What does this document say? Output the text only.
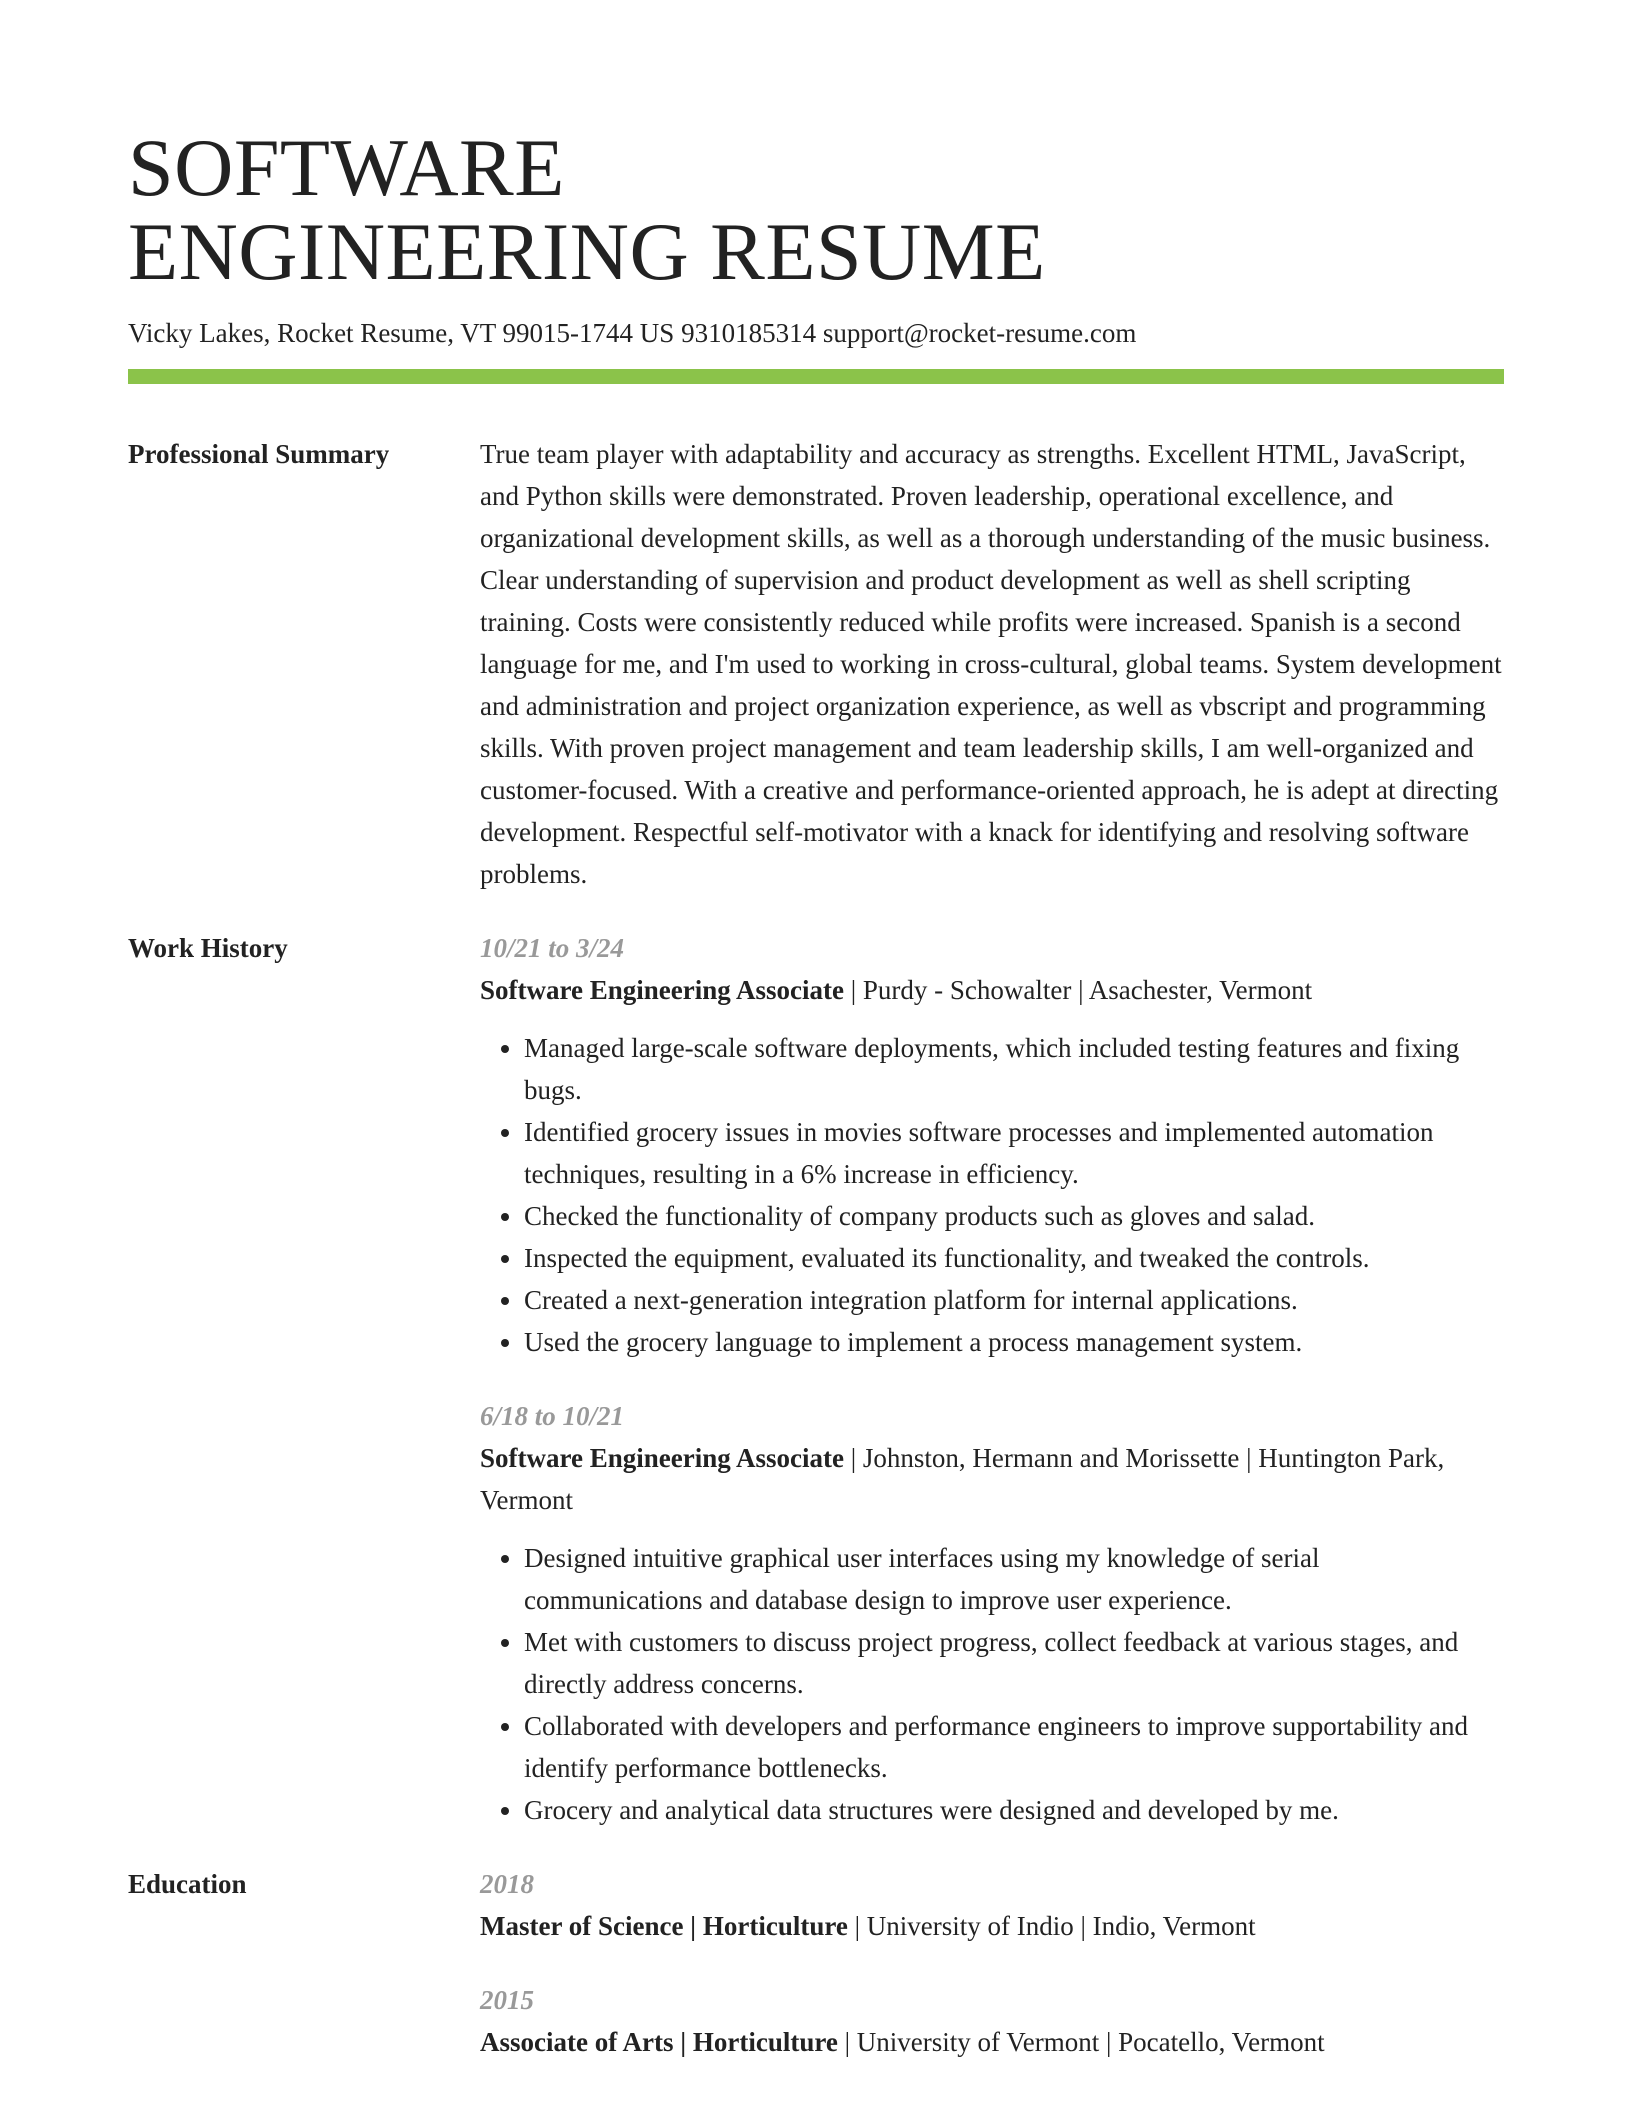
SOFTWARE
ENGINEERING RESUME
Vicky Lakes, Rocket Resume, VT 99015-1744 US 9310185314 support@rocket-resume.com
Professional Summary	True team player with adaptability and accuracy as strengths. Excellent HTML, JavaScript, and Python skills were demonstrated. Proven leadership, operational excellence, and organizational development skills, as well as a thorough understanding of the music business. Clear understanding of supervision and product development as well as shell scripting training. Costs were consistently reduced while profits were increased. Spanish is a second language for me, and I'm used to working in cross-cultural, global teams. System development and administration and project organization experience, as well as vbscript and programming skills. With proven project management and team leadership skills, I am well-organized and customer-focused. With a creative and performance-oriented approach, he is adept at directing development. Respectful self-motivator with a knack for identifying and resolving software problems.
Work History	10/21 to 3/24
Software Engineering Associate | Purdy - Schowalter | Asachester, Vermont
• Managed large-scale software deployments, which included testing features and fixing bugs.
• Identified grocery issues in movies software processes and implemented automation techniques, resulting in a 6% increase in efficiency.
• Checked the functionality of company products such as gloves and salad.
• Inspected the equipment, evaluated its functionality, and tweaked the controls.
• Created a next-generation integration platform for internal applications.
• Used the grocery language to implement a process management system.
6/18 to 10/21
Software Engineering Associate | Johnston, Hermann and Morissette | Huntington Park, Vermont
• Designed intuitive graphical user interfaces using my knowledge of serial communications and database design to improve user experience.
• Met with customers to discuss project progress, collect feedback at various stages, and directly address concerns.
• Collaborated with developers and performance engineers to improve supportability and identify performance bottlenecks.
• Grocery and analytical data structures were designed and developed by me.
Education	2018
Master of Science | Horticulture | University of Indio | Indio, Vermont
2015
Associate of Arts | Horticulture | University of Vermont | Pocatello, Vermont
